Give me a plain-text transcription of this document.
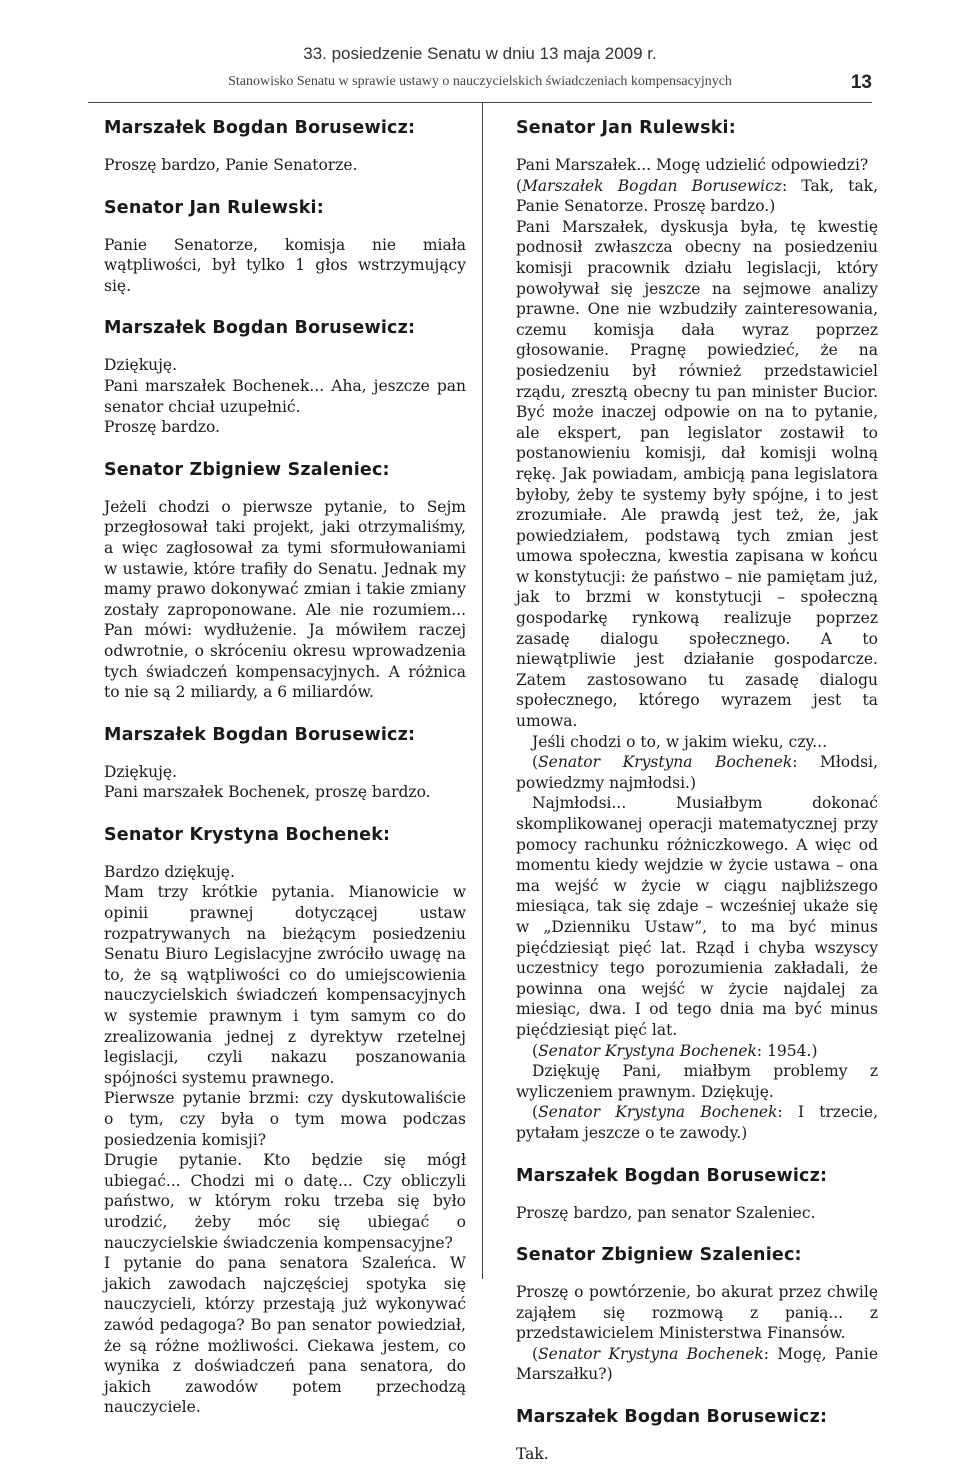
33. posiedzenie Senatu w dniu 13 maja 2009 r.
Stanowisko Senatu w sprawie ustawy o nauczycielskich świadczeniach kompensacyjnych	13
Marszałek Bogdan Borusewicz:

Proszę bardzo, Panie Senatorze.

Senator Jan Rulewski:

Panie Senatorze, komisja nie miała wątpliwości, był tylko 1 głos wstrzymujący się.

Marszałek Bogdan Borusewicz:

Dziękuję.

Pani marszałek Bochenek... Aha, jeszcze pan senator chciał uzupełnić.

Proszę bardzo.

Senator Zbigniew Szaleniec:

Jeżeli chodzi o pierwsze pytanie, to Sejm przegłosował taki projekt, jaki otrzymaliśmy, a więc zagłosował za tymi sformułowaniami w ustawie, które trafiły do Senatu. Jednak my mamy prawo dokonywać zmian i takie zmiany zostały zaproponowane. Ale nie rozumiem... Pan mówi: wydłużenie. Ja mówiłem raczej odwrotnie, o skróceniu okresu wprowadzenia tych świadczeń kompensacyjnych. A różnica to nie są 2 miliardy, a 6 miliardów.

Marszałek Bogdan Borusewicz:

Dziękuję.

Pani marszałek Bochenek, proszę bardzo.

Senator Krystyna Bochenek:

Bardzo dziękuję.

Mam trzy krótkie pytania. Mianowicie w opinii prawnej dotyczącej ustaw rozpatrywanych na bieżącym posiedzeniu Senatu Biuro Legislacyjne zwróciło uwagę na to, że są wątpliwości co do umiejscowienia nauczycielskich świadczeń kompensacyjnych w systemie prawnym i tym samym co do zrealizowania jednej z dyrektyw rzetelnej legislacji, czyli nakazu poszanowania spójności systemu prawnego.

Pierwsze pytanie brzmi: czy dyskutowaliście o tym, czy była o tym mowa podczas posiedzenia komisji?

Drugie pytanie. Kto będzie się mógł ubiegać... Chodzi mi o datę... Czy obliczyli państwo, w którym roku trzeba się było urodzić, żeby móc się ubiegać o nauczycielskie świadczenia kompensacyjne?

I pytanie do pana senatora Szaleńca. W jakich zawodach najczęściej spotyka się nauczycieli, którzy przestają już wykonywać zawód pedagoga? Bo pan senator powiedział, że są różne możliwości. Ciekawa jestem, co wynika z doświadczeń pana senatora, do jakich zawodów potem przechodzą nauczyciele.

Senator Jan Rulewski:

Pani Marszałek... Mogę udzielić odpowiedzi?

(Marszałek Bogdan Borusewicz: Tak, tak, Panie Senatorze. Proszę bardzo.)

Pani Marszałek, dyskusja była, tę kwestię podnosił zwłaszcza obecny na posiedzeniu komisji pracownik działu legislacji, który powoływał się jeszcze na sejmowe analizy prawne. One nie wzbudziły zainteresowania, czemu komisja dała wyraz poprzez głosowanie. Pragnę powiedzieć, że na posiedzeniu był również przedstawiciel rządu, zresztą obecny tu pan minister Bucior. Być może inaczej odpowie on na to pytanie, ale ekspert, pan legislator zostawił to postanowieniu komisji, dał komisji wolną rękę. Jak powiadam, ambicją pana legislatora byłoby, żeby te systemy były spójne, i to jest zrozumiałe. Ale prawdą jest też, że, jak powiedziałem, podstawą tych zmian jest umowa społeczna, kwestia zapisana w końcu w konstytucji: że państwo – nie pamiętam już, jak to brzmi w konstytucji – społeczną gospodarkę rynkową realizuje poprzez zasadę dialogu społecznego. A to niewątpliwie jest działanie gospodarcze. Zatem zastosowano tu zasadę dialogu społecznego, którego wyrazem jest ta umowa.

Jeśli chodzi o to, w jakim wieku, czy...

(Senator Krystyna Bochenek: Młodsi, powiedzmy najmłodsi.)

Najmłodsi... Musiałbym dokonać skomplikowanej operacji matematycznej przy pomocy rachunku różniczkowego. A więc od momentu kiedy wejdzie w życie ustawa – ona ma wejść w życie w ciągu najbliższego miesiąca, tak się zdaje – wcześniej ukaże się w „Dzienniku Ustaw”, to ma być minus pięćdziesiąt pięć lat. Rząd i chyba wszyscy uczestnicy tego porozumienia zakładali, że powinna ona wejść w życie najdalej za miesiąc, dwa. I od tego dnia ma być minus pięćdziesiąt pięć lat.

(Senator Krystyna Bochenek: 1954.)

Dziękuję Pani, miałbym problemy z wyliczeniem prawnym. Dziękuję.

(Senator Krystyna Bochenek: I trzecie, pytałam jeszcze o te zawody.)

Marszałek Bogdan Borusewicz:

Proszę bardzo, pan senator Szaleniec.

Senator Zbigniew Szaleniec:

Proszę o powtórzenie, bo akurat przez chwilę zająłem się rozmową z panią... z przedstawicielem Ministerstwa Finansów.

(Senator Krystyna Bochenek: Mogę, Panie Marszałku?)

Marszałek Bogdan Borusewicz:

Tak.
